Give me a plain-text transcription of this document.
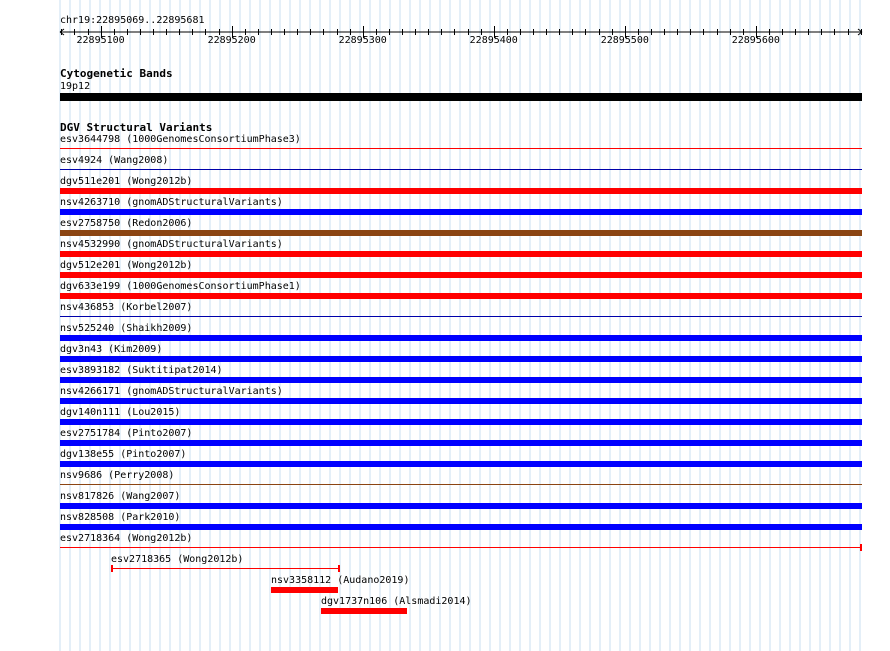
chr19:22895069..22895681
22895100	22895200	22895300	22895400	22895500	22895600
Cytogenetic Bands
19p12
DGV Structural Variants
esv3644798 (1000GenomesConsortiumPhase3)
esv4924 (Wang2008)
dgv511e201 (Wong2012b)
nsv4263710 (gnomADStructuralVariants)
esv2758750 (Redon2006)
nsv4532990 (gnomADStructuralVariants)
dgv512e201 (Wong2012b)
dgv633e199 (1000GenomesConsortiumPhase1)
nsv436853 (Korbel2007)
nsv525240 (Shaikh2009)
dgv3n43 (Kim2009)
esv3893182 (Suktitipat2014)
nsv4266171 (gnomADStructuralVariants)
dgv140n111 (Lou2015)
esv2751784 (Pinto2007)
dgv138e55 (Pinto2007)
nsv9686 (Perry2008)
nsv817826 (Wang2007)
nsv828508 (Park2010)
esv2718364 (Wong2012b)
esv2718365 (Wong2012b)
nsv3358112 (Audano2019)
dgv1737n106 (Alsmadi2014)
